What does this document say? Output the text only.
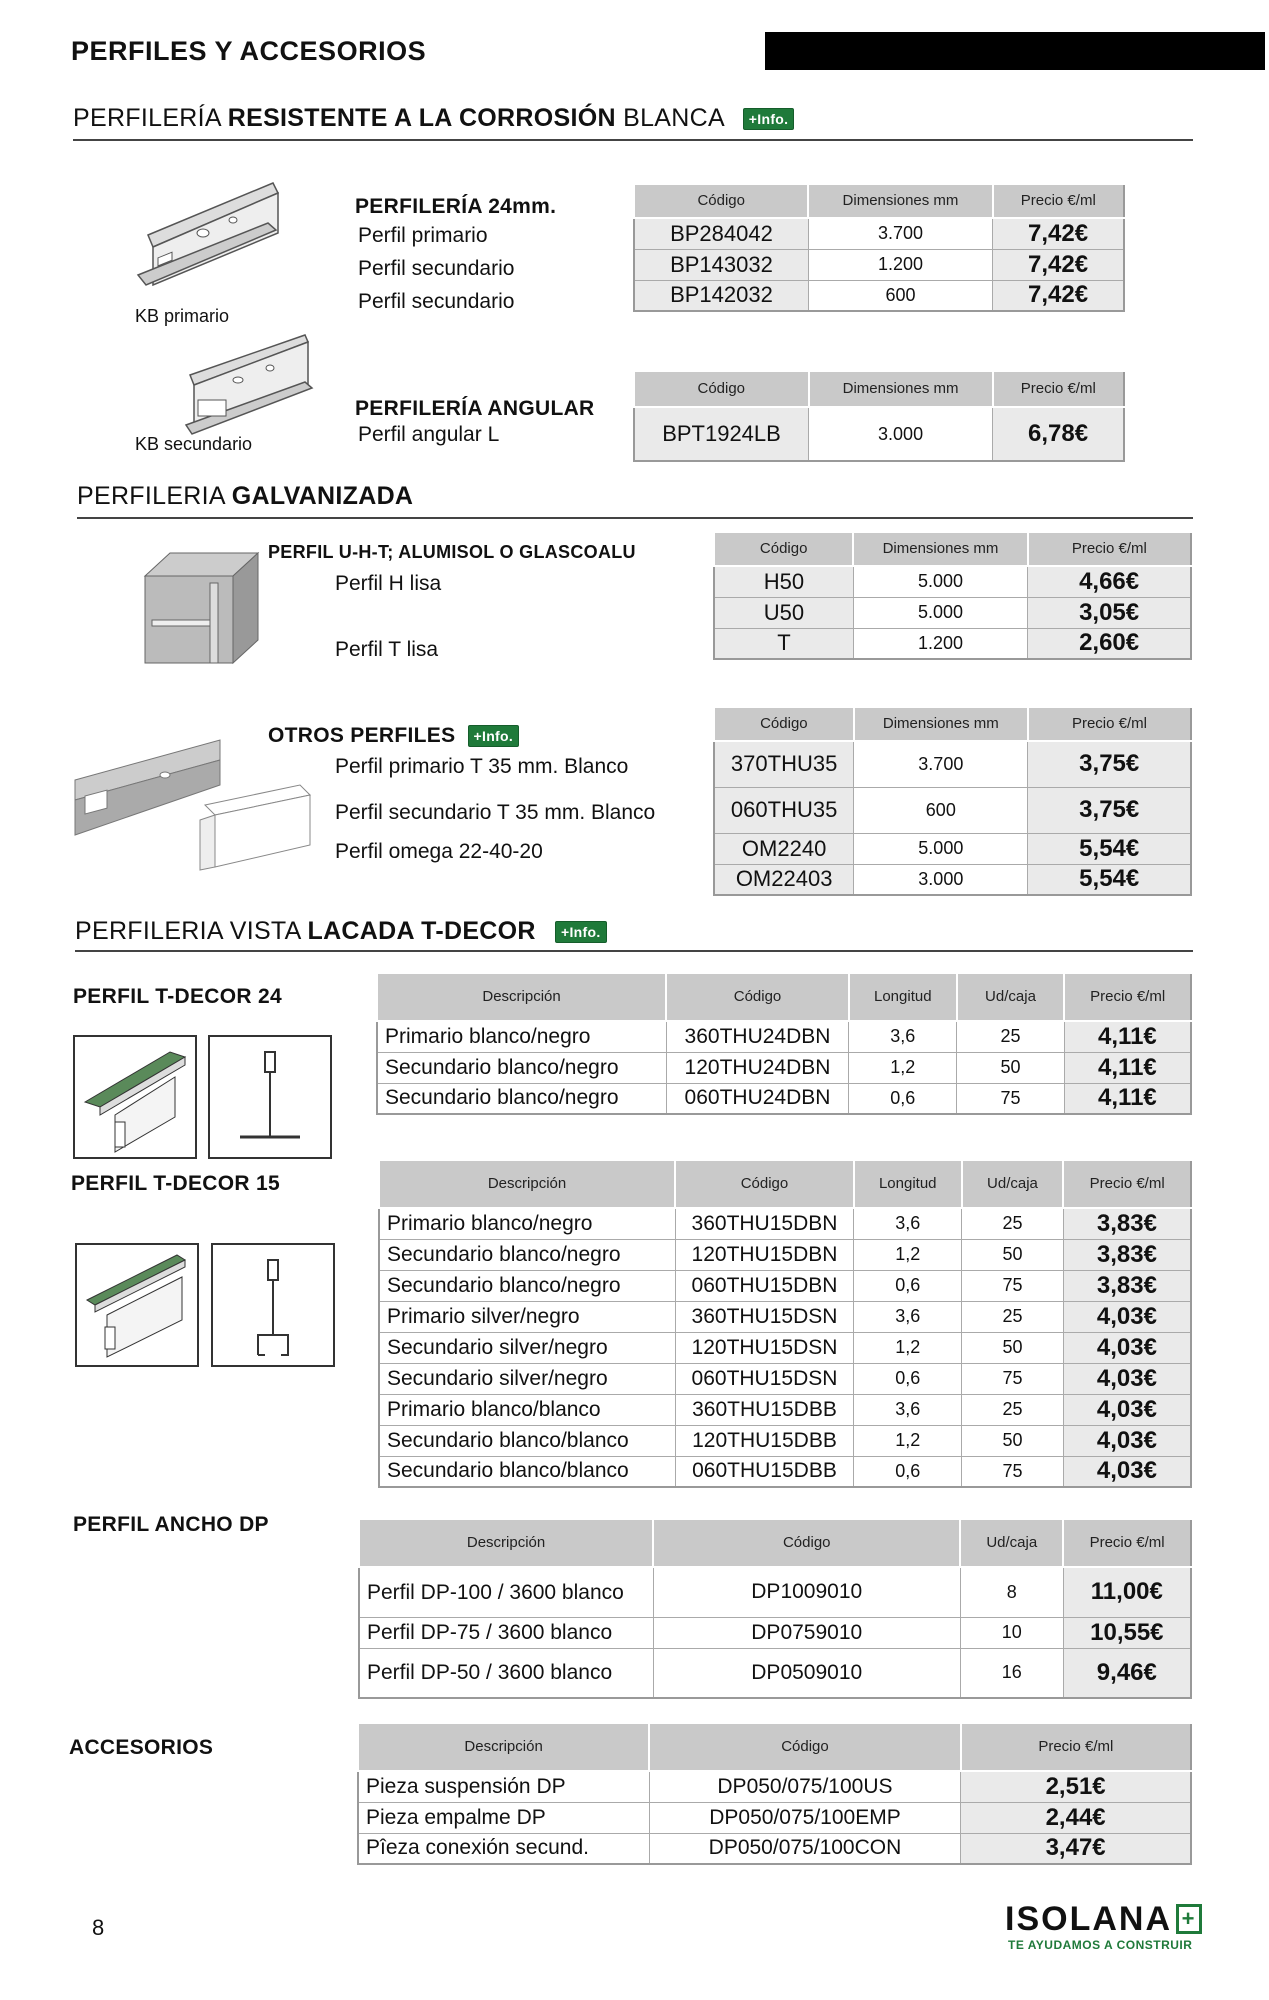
PERFILES Y ACCESORIOS
PERFILERÍA RESISTENTE A LA CORROSIÓN BLANCA +Info.
KB primario
KB secundario
PERFILERÍA 24mm.
Perfil primario
Perfil secundario
Perfil secundario
Código	Dimensiones mm	Precio €/ml
BP284042	3.700	7,42€
BP143032	1.200	7,42€
BP142032	600	7,42€
PERFILERÍA ANGULAR
Perfil angular L
Código	Dimensiones mm	Precio €/ml
BPT1924LB	3.000	6,78€
PERFILERIA GALVANIZADA
PERFIL U-H-T; ALUMISOL O GLASCOALU
Perfil H lisa
Perfil T lisa
Código	Dimensiones mm	Precio €/ml
H50	5.000	4,66€
U50	5.000	3,05€
T	1.200	2,60€
OTROS PERFILES +Info.
Perfil primario T 35 mm. Blanco
Perfil secundario T 35 mm. Blanco
Perfil omega 22-40-20
Código	Dimensiones mm	Precio €/ml
370THU35	3.700	3,75€
060THU35	600	3,75€
OM2240	5.000	5,54€
OM22403	3.000	5,54€
PERFILERIA VISTA LACADA T-DECOR +Info.
PERFIL T-DECOR 24	Descripción	Código	Longitud	Ud/caja	Precio €/ml
Primario blanco/negro	360THU24DBN	3,6	25	4,11€
Secundario blanco/negro	120THU24DBN	1,2	50	4,11€
Secundario blanco/negro	060THU24DBN	0,6	75	4,11€
PERFIL T-DECOR 15	Descripción	Código	Longitud	Ud/caja	Precio €/ml
Primario blanco/negro	360THU15DBN	3,6	25	3,83€
Secundario blanco/negro	120THU15DBN	1,2	50	3,83€
Secundario blanco/negro	060THU15DBN	0,6	75	3,83€
Primario silver/negro	360THU15DSN	3,6	25	4,03€
Secundario silver/negro	120THU15DSN	1,2	50	4,03€
Secundario silver/negro	060THU15DSN	0,6	75	4,03€
Primario blanco/blanco	360THU15DBB	3,6	25	4,03€
Secundario blanco/blanco	120THU15DBB	1,2	50	4,03€
Secundario blanco/blanco	060THU15DBB	0,6	75	4,03€
PERFIL ANCHO DP
Descripción	Código	Ud/caja	Precio €/ml
Perfil DP-100 / 3600 blanco	DP1009010	8	11,00€
Perfil DP-75 / 3600 blanco	DP0759010	10	10,55€
Perfil DP-50 / 3600 blanco	DP0509010	16	9,46€
ACCESORIOS	Descripción	Código	Precio €/ml
Pieza suspensión DP	DP050/075/100US	2,51€
Pieza empalme DP	DP050/075/100EMP	2,44€
Pîeza conexión secund.	DP050/075/100CON	3,47€
8	ISOLANA +
TE AYUDAMOS A CONSTRUIR
